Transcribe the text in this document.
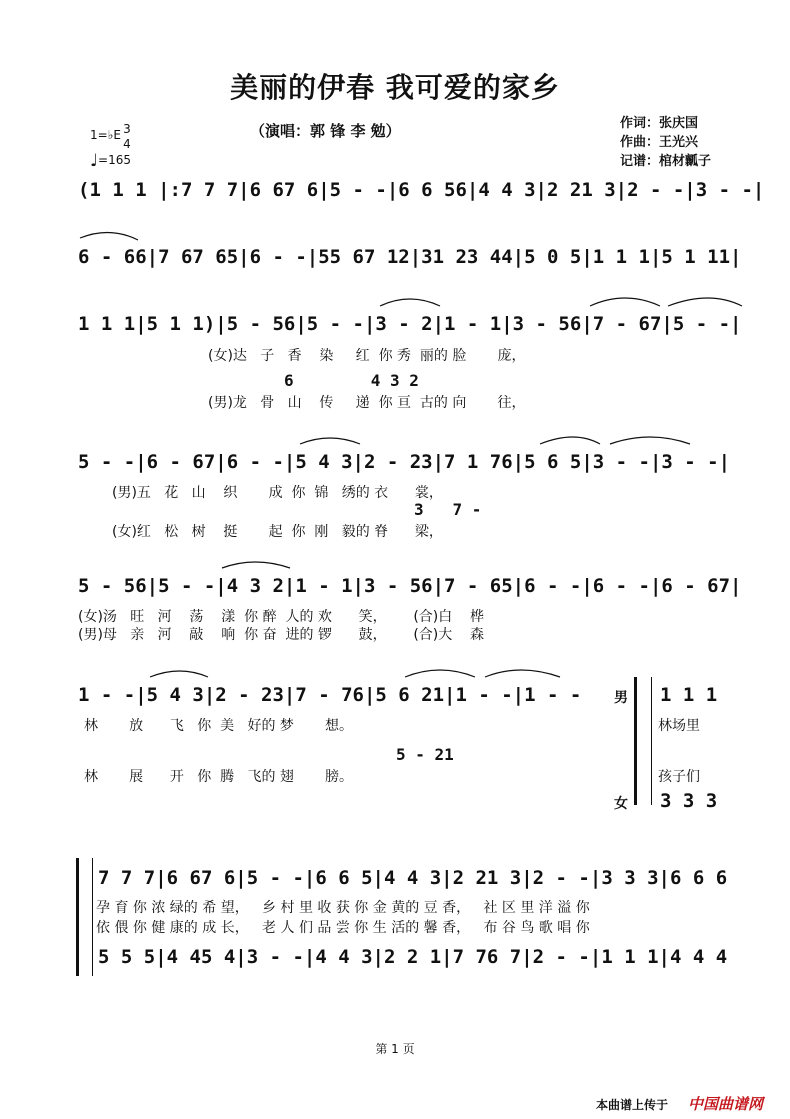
美丽的伊春 我可爱的家乡
（演唱：郭 锋 李 勉）	作词：张庆国
作曲：王光兴
记谱：棺材瓤子
1=♭E 3
4
♩=165
(1 1 1 |:7 7 7|6 67 6|5 - -|6 6 56|4 4 3|2 21 3|2 - -|3 - -|
6 - 66|7 67 65|6 - -|55 67 12|31 23 44|5 0 5|1 1 1|5 1 11|
1 1 1|5 1 1)|5 - 56|5 - -|3 - 2|1 - 1|3 - 56|7 - 67|5 - -|
(女)达   子   香    染     红  你 秀  丽的 脸       庞，
6        4 3 2
(男)龙   骨   山    传     递  你 亘  古的 向       往，
5 - -|6 - 67|6 - -|5 4 3|2 - 23|7 1 76|5 6 5|3 - -|3 - -|
(男)五   花   山    织       成  你  锦   绣的 衣      裳，
3   7 -
(女)红   松   树    挺       起  你  刚   毅的 脊      梁，
5 - 56|5 - -|4 3 2|1 - 1|3 - 56|7 - 65|6 - -|6 - -|6 - 67|
(女)汤   旺   河    荡    漾  你 醉  人的 欢      笑，      (合)白    桦
(男)母   亲   河    敲    响  你 奋  进的 锣      鼓，      (合)大    森
1 - -|5 4 3|2 - 23|7 - 76|5 6 21|1 - -|1 - - 男 1 1 1
林       放      飞   你  美   好的 梦       想。	林场里
5 - 21
林       展      开   你  腾   飞的 翅       膀。	孩子们
女 3 3 3
7 7 7|6 67 6|5 - -|6 6 5|4 4 3|2 21 3|2 - -|3 3 3|6 6 6
孕 育 你 浓 绿的 希 望，   乡 村 里 收 获 你 金 黄的 豆 香，   社 区 里 洋 溢 你
依 偎 你 健 康的 成 长，   老 人 们 品 尝 你 生 活的 馨 香，   布 谷 鸟 歌 唱 你
5 5 5|4 45 4|3 - -|4 4 3|2 2 1|7 76 7|2 - -|1 1 1|4 4 4
第 1 页
本曲谱上传于 中国曲谱网
